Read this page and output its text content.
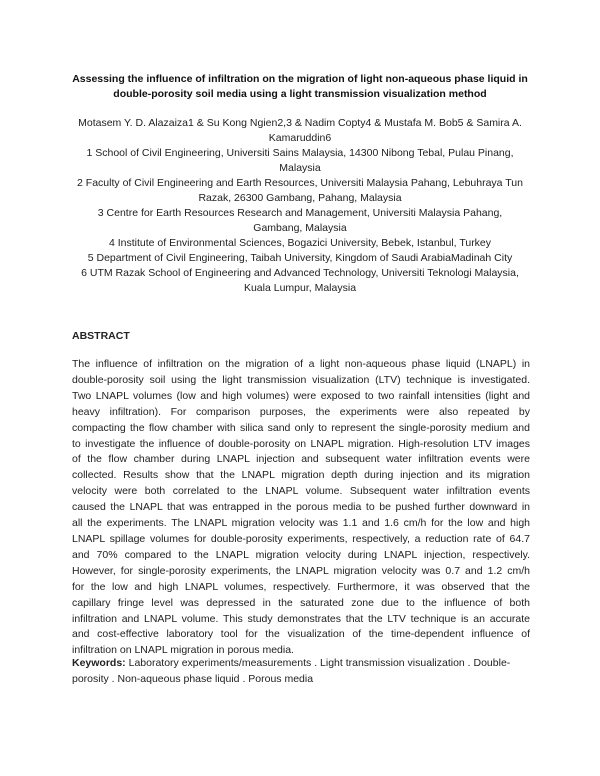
Assessing the influence of infiltration on the migration of light non-aqueous phase liquid in
double-porosity soil media using a light transmission visualization method
Motasem Y. D. Alazaiza1 & Su Kong Ngien2,3 & Nadim Copty4 & Mustafa M. Bob5 & Samira A.
Kamaruddin6
1 School of Civil Engineering, Universiti Sains Malaysia, 14300 Nibong Tebal, Pulau Pinang,
Malaysia
2 Faculty of Civil Engineering and Earth Resources, Universiti Malaysia Pahang, Lebuhraya Tun
Razak, 26300 Gambang, Pahang, Malaysia
3 Centre for Earth Resources Research and Management, Universiti Malaysia Pahang,
Gambang, Malaysia
4 Institute of Environmental Sciences, Bogazici University, Bebek, Istanbul, Turkey
5 Department of Civil Engineering, Taibah University, Kingdom of Saudi ArabiaMadinah City
6 UTM Razak School of Engineering and Advanced Technology, Universiti Teknologi Malaysia,
Kuala Lumpur, Malaysia
ABSTRACT
The influence of infiltration on the migration of a light non-aqueous phase liquid (LNAPL) in
double-porosity soil using the light transmission visualization (LTV) technique is investigated.
Two LNAPL volumes (low and high volumes) were exposed to two rainfall intensities (light and
heavy infiltration). For comparison purposes, the experiments were also repeated by
compacting the flow chamber with silica sand only to represent the single-porosity medium and
to investigate the influence of double-porosity on LNAPL migration. High-resolution LTV images
of the flow chamber during LNAPL injection and subsequent water infiltration events were
collected. Results show that the LNAPL migration depth during injection and its migration
velocity were both correlated to the LNAPL volume. Subsequent water infiltration events
caused the LNAPL that was entrapped in the porous media to be pushed further downward in
all the experiments. The LNAPL migration velocity was 1.1 and 1.6 cm/h for the low and high
LNAPL spillage volumes for double-porosity experiments, respectively, a reduction rate of 64.7
and 70% compared to the LNAPL migration velocity during LNAPL injection, respectively.
However, for single-porosity experiments, the LNAPL migration velocity was 0.7 and 1.2 cm/h
for the low and high LNAPL volumes, respectively. Furthermore, it was observed that the
capillary fringe level was depressed in the saturated zone due to the influence of both
infiltration and LNAPL volume. This study demonstrates that the LTV technique is an accurate
and cost-effective laboratory tool for the visualization of the time-dependent influence of
infiltration on LNAPL migration in porous media.
Keywords: Laboratory experiments/measurements . Light transmission visualization . Double-
porosity . Non-aqueous phase liquid . Porous media
